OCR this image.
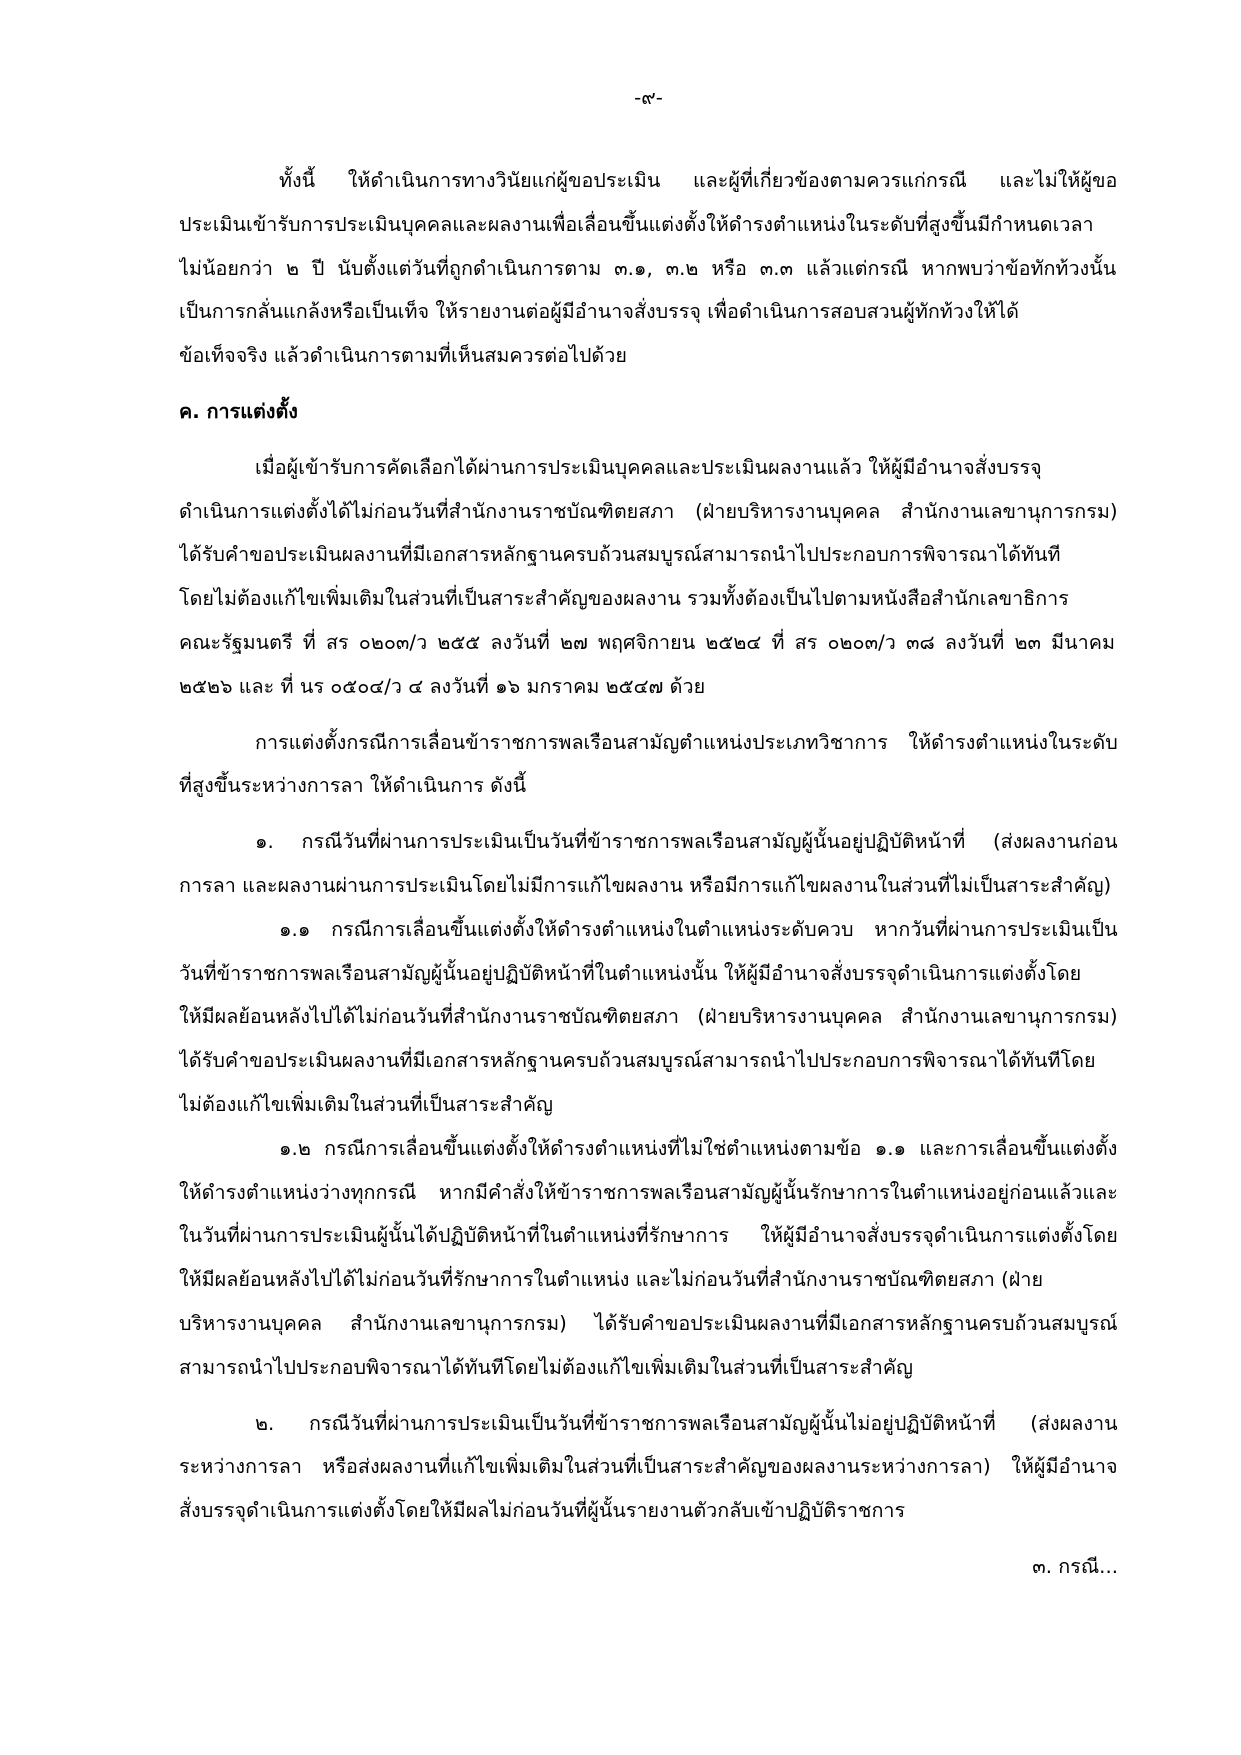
-๙-
ทั้งนี้ ให้ดำเนินการทางวินัยแก่ผู้ขอประเมิน และผู้ที่เกี่ยวข้องตามควรแก่กรณี และไม่ให้ผู้ขอ
ประเมินเข้ารับการประเมินบุคคลและผลงานเพื่อเลื่อนขึ้นแต่งตั้งให้ดำรงตำแหน่งในระดับที่สูงขึ้นมีกำหนดเวลา
ไม่น้อยกว่า ๒ ปี นับตั้งแต่วันที่ถูกดำเนินการตาม ๓.๑, ๓.๒ หรือ ๓.๓ แล้วแต่กรณี หากพบว่าข้อทักท้วงนั้น
เป็นการกลั่นแกล้งหรือเป็นเท็จ ให้รายงานต่อผู้มีอำนาจสั่งบรรจุ เพื่อดำเนินการสอบสวนผู้ทักท้วงให้ได้
ข้อเท็จจริง แล้วดำเนินการตามที่เห็นสมควรต่อไปด้วย
ค. การแต่งตั้ง
เมื่อผู้เข้ารับการคัดเลือกได้ผ่านการประเมินบุคคลและประเมินผลงานแล้ว ให้ผู้มีอำนาจสั่งบรรจุ
ดำเนินการแต่งตั้งได้ไม่ก่อนวันที่สำนักงานราชบัณฑิตยสภา (ฝ่ายบริหารงานบุคคล สำนักงานเลขานุการกรม)
ได้รับคำขอประเมินผลงานที่มีเอกสารหลักฐานครบถ้วนสมบูรณ์สามารถนำไปประกอบการพิจารณาได้ทันที
โดยไม่ต้องแก้ไขเพิ่มเติมในส่วนที่เป็นสาระสำคัญของผลงาน รวมทั้งต้องเป็นไปตามหนังสือสำนักเลขาธิการ
คณะรัฐมนตรี ที่ สร ๐๒๐๓/ว ๒๕๕ ลงวันที่ ๒๗ พฤศจิกายน ๒๕๒๔ ที่ สร ๐๒๐๓/ว ๓๘ ลงวันที่ ๒๓ มีนาคม
๒๕๒๖ และ ที่ นร ๐๕๐๔/ว ๔ ลงวันที่ ๑๖ มกราคม ๒๕๔๗ ด้วย
การแต่งตั้งกรณีการเลื่อนข้าราชการพลเรือนสามัญตำแหน่งประเภทวิชาการ ให้ดำรงตำแหน่งในระดับ
ที่สูงขึ้นระหว่างการลา ให้ดำเนินการ ดังนี้
๑. กรณีวันที่ผ่านการประเมินเป็นวันที่ข้าราชการพลเรือนสามัญผู้นั้นอยู่ปฏิบัติหน้าที่ (ส่งผลงานก่อน
การลา และผลงานผ่านการประเมินโดยไม่มีการแก้ไขผลงาน หรือมีการแก้ไขผลงานในส่วนที่ไม่เป็นสาระสำคัญ)
๑.๑ กรณีการเลื่อนขึ้นแต่งตั้งให้ดำรงตำแหน่งในตำแหน่งระดับควบ หากวันที่ผ่านการประเมินเป็น
วันที่ข้าราชการพลเรือนสามัญผู้นั้นอยู่ปฏิบัติหน้าที่ในตำแหน่งนั้น ให้ผู้มีอำนาจสั่งบรรจุดำเนินการแต่งตั้งโดย
ให้มีผลย้อนหลังไปได้ไม่ก่อนวันที่สำนักงานราชบัณฑิตยสภา (ฝ่ายบริหารงานบุคคล สำนักงานเลขานุการกรม)
ได้รับคำขอประเมินผลงานที่มีเอกสารหลักฐานครบถ้วนสมบูรณ์สามารถนำไปประกอบการพิจารณาได้ทันทีโดย
ไม่ต้องแก้ไขเพิ่มเติมในส่วนที่เป็นสาระสำคัญ
๑.๒ กรณีการเลื่อนขึ้นแต่งตั้งให้ดำรงตำแหน่งที่ไม่ใช่ตำแหน่งตามข้อ ๑.๑ และการเลื่อนขึ้นแต่งตั้ง
ให้ดำรงตำแหน่งว่างทุกกรณี หากมีคำสั่งให้ข้าราชการพลเรือนสามัญผู้นั้นรักษาการในตำแหน่งอยู่ก่อนแล้วและ
ในวันที่ผ่านการประเมินผู้นั้นได้ปฏิบัติหน้าที่ในตำแหน่งที่รักษาการ ให้ผู้มีอำนาจสั่งบรรจุดำเนินการแต่งตั้งโดย
ให้มีผลย้อนหลังไปได้ไม่ก่อนวันที่รักษาการในตำแหน่ง และไม่ก่อนวันที่สำนักงานราชบัณฑิตยสภา (ฝ่าย
บริหารงานบุคคล สำนักงานเลขานุการกรม) ได้รับคำขอประเมินผลงานที่มีเอกสารหลักฐานครบถ้วนสมบูรณ์
สามารถนำไปประกอบพิจารณาได้ทันทีโดยไม่ต้องแก้ไขเพิ่มเติมในส่วนที่เป็นสาระสำคัญ
๒. กรณีวันที่ผ่านการประเมินเป็นวันที่ข้าราชการพลเรือนสามัญผู้นั้นไม่อยู่ปฏิบัติหน้าที่ (ส่งผลงาน
ระหว่างการลา หรือส่งผลงานที่แก้ไขเพิ่มเติมในส่วนที่เป็นสาระสำคัญของผลงานระหว่างการลา) ให้ผู้มีอำนาจ
สั่งบรรจุดำเนินการแต่งตั้งโดยให้มีผลไม่ก่อนวันที่ผู้นั้นรายงานตัวกลับเข้าปฏิบัติราชการ
๓. กรณี...
